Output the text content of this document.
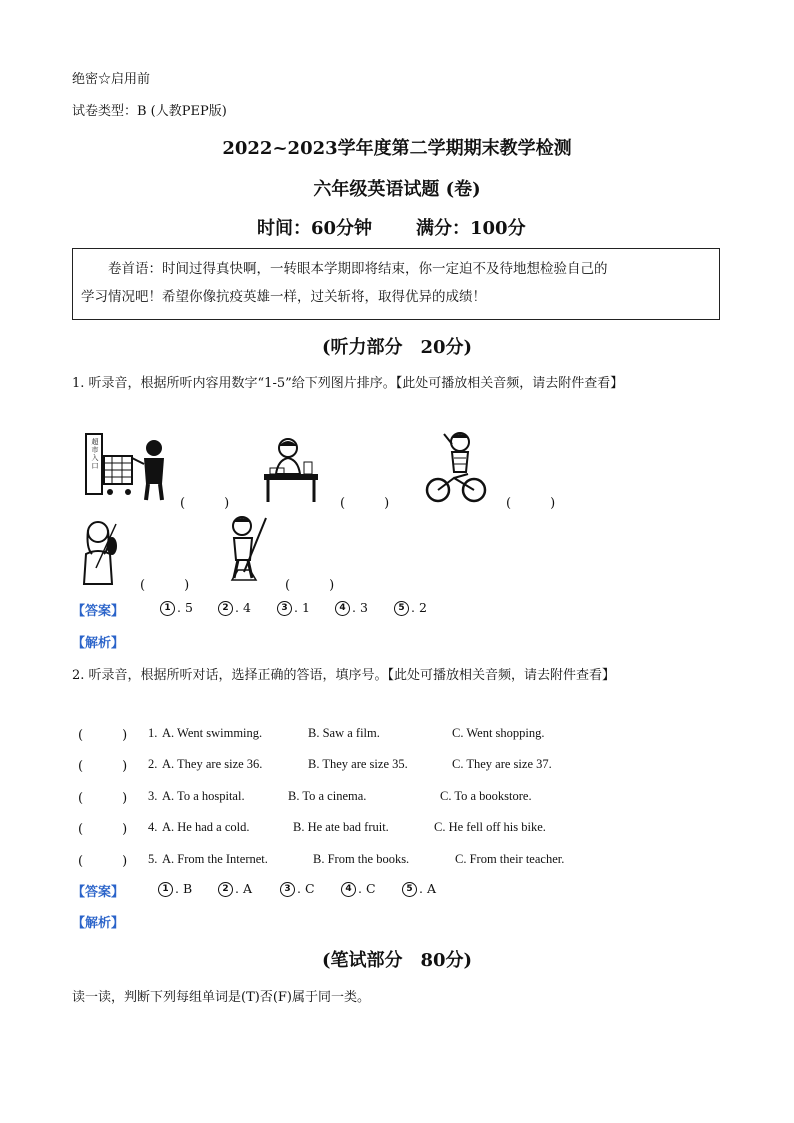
绝密☆启用前
试卷类型：B (人教PEP版)
2022~2023学年度第二学期期末教学检测
六年级英语试题 (卷)
时间：60分钟 满分：100分

卷首语：时间过得真快啊，一转眼本学期即将结束，你一定迫不及待地想检验自己的

学习情况吧！希望你像抗疫英雄一样，过关斩将，取得优异的成绩！

(听力部分　20分)
1. 听录音，根据所听内容用数字“1-5”给下列图片排序。【此处可播放相关音频，请去附件查看】
超市入口
(　　　)	(　　　)	(　　　)
(　　　)	(　　　)
【答案】	1 . 5	2 . 4	3 . 1	4 . 3	5 . 2
【解析】
2. 听录音，根据所听对话，选择正确的答语，填序号。【此处可播放相关音频，请去附件查看】
(　　　) 1. A. Went swimming.	B. Saw a film.	C. Went shopping.
(　　　) 2. A. They are size 36.	B. They are size 35.	C. They are size 37.
(　　　) 3. A. To a hospital.	B. To a cinema.	C. To a bookstore.
(　　　) 4. A. He had a cold.	B. He ate bad fruit.	C. He fell off his bike.
(　　　) 5. A. From the Internet.	B. From the books.	C. From their teacher.
【答案】	1 . B	2 . A	3 . C	4 . C	5 . A
【解析】
(笔试部分　80分)
读一读，判断下列每组单词是(T)否(F)属于同一类。
